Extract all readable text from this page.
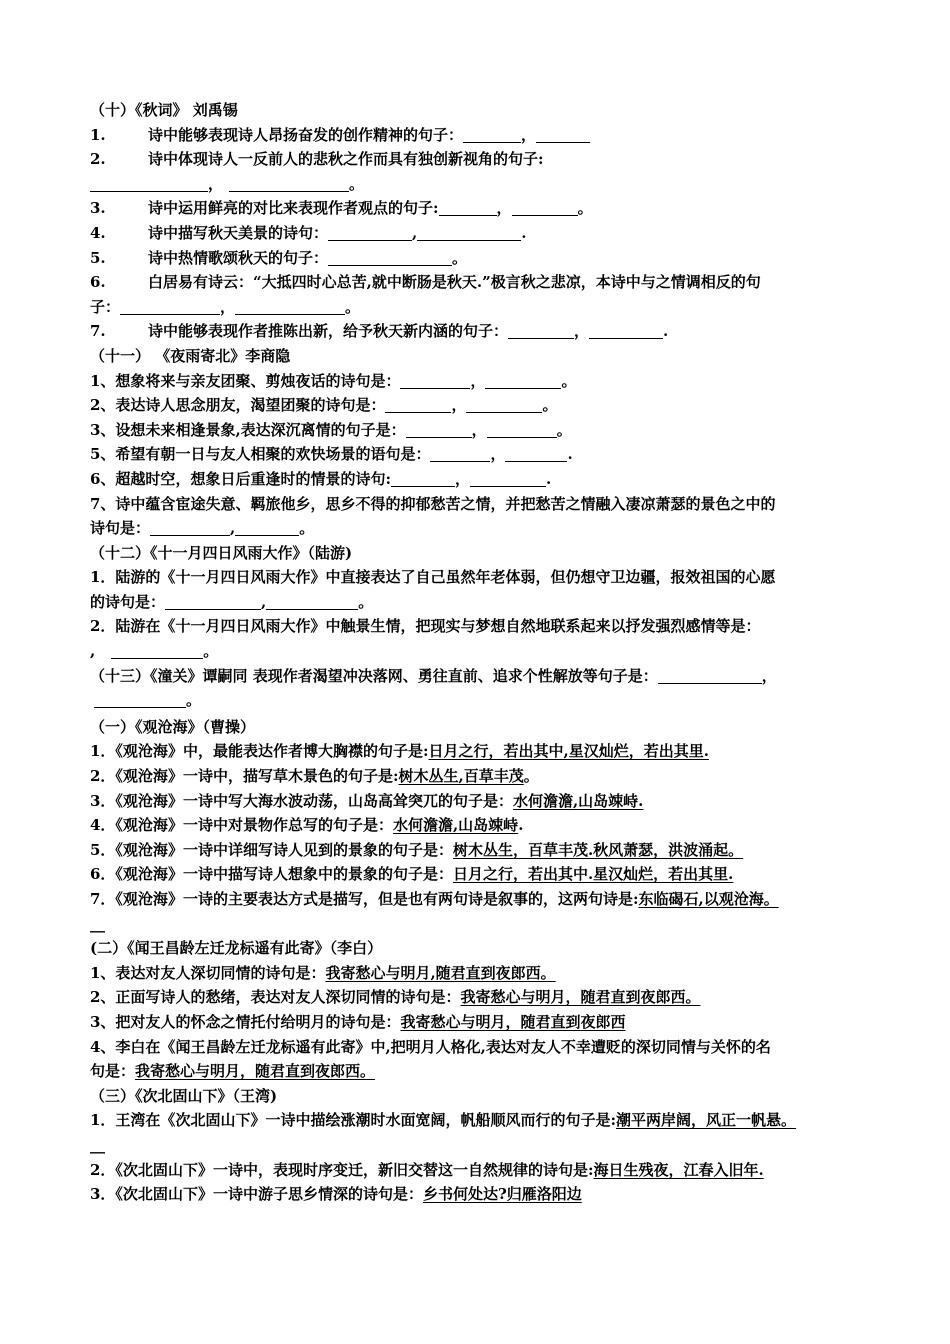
（十）《秋词》 刘禹锡
1.	诗中能够表现诗人昂扬奋发的创作精神的句子：	，
2.	诗中体现诗人一反前人的悲秋之作而具有独创新视角的句子:
，	。
3.	诗中运用鲜亮的对比来表现作者观点的句子:	，	。
4.	诗中描写秋天美景的诗句：	,	.
5.	诗中热情歌颂秋天的句子：	。
6.	白居易有诗云：“大抵四时心总苦,就中断肠是秋天.”极言秋之悲凉，本诗中与之情调相反的句
子：	，	。
7.	诗中能够表现作者推陈出新，给予秋天新内涵的句子：	，	.
（十一） 《夜雨寄北》李商隐
1、想象将来与亲友团聚、剪烛夜话的诗句是：	，	。
2、表达诗人思念朋友，渴望团聚的诗句是：	，	。
3、设想未来相逢景象,表达深沉离情的句子是：	，	。
5、希望有朝一日与友人相聚的欢快场景的语句是：	，	.
6、超越时空，想象日后重逢时的情景的诗句:	，	.
7、诗中蕴含宦途失意、羁旅他乡，思乡不得的抑郁愁苦之情，并把愁苦之情融入凄凉萧瑟的景色之中的
诗句是：	,	。
（十二）《十一月四日风雨大作》（陆游)
1．陆游的《十一月四日风雨大作》中直接表达了自己虽然年老体弱，但仍想守卫边疆，报效祖国的心愿
的诗句是：	,	。
2．陆游在《十一月四日风雨大作》中触景生情，把现实与梦想自然地联系起来以抒发强烈感情等是：
,	。
（十三）《潼关》谭嗣同 表现作者渴望冲决落网、勇往直前、追求个性解放等句子是：	，
。
（一）《观沧海》（曹操）
1．《观沧海》中，最能表达作者博大胸襟的句子是:日月之行，若出其中,星汉灿烂，若出其里.
2．《观沧海》一诗中，描写草木景色的句子是:树木丛生,百草丰茂。
3．《观沧海》一诗中写大海水波动荡，山岛高耸突兀的句子是：水何澹澹,山岛竦峙.
4．《观沧海》一诗中对景物作总写的句子是：水何澹澹,山岛竦峙.
5．《观沧海》一诗中详细写诗人见到的景象的句子是：树木丛生，百草丰茂.秋风萧瑟，洪波涌起。
6．《观沧海》一诗中描写诗人想象中的景象的句子是：日月之行，若出其中.星汉灿烂，若出其里.
7．《观沧海》一诗的主要表达方式是描写，但是也有两句诗是叙事的，这两句诗是:东临碣石,以观沧海。
__
(二）《闻王昌龄左迁龙标遥有此寄》（李白）
1、表达对友人深切同情的诗句是：我寄愁心与明月,随君直到夜郎西。
2、正面写诗人的愁绪，表达对友人深切同情的诗句是：我寄愁心与明月，随君直到夜郎西。
3、把对友人的怀念之情托付给明月的诗句是：我寄愁心与明月，随君直到夜郎西
4、李白在《闻王昌龄左迁龙标遥有此寄》中,把明月人格化,表达对友人不幸遭贬的深切同情与关怀的名
句是：我寄愁心与明月，随君直到夜郎西。
（三）《次北固山下》（王湾)
1．王湾在《次北固山下》一诗中描绘涨潮时水面宽阔，帆船顺风而行的句子是:潮平两岸阔，风正一帆悬。
__
2．《次北固山下》一诗中，表现时序变迁，新旧交替这一自然规律的诗句是:海日生残夜，江春入旧年.
3．《次北固山下》一诗中游子思乡情深的诗句是：乡书何处达?归雁洛阳边
